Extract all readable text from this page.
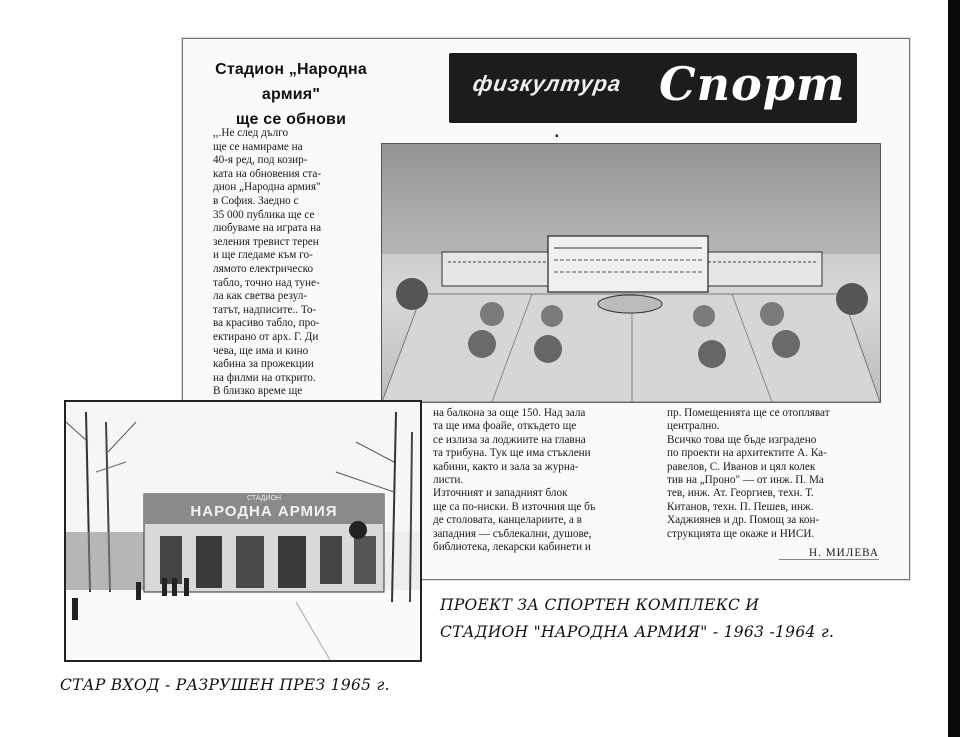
Стадион „Народна армия"
ще се обнови
,,.Не след дълго
ще се намираме на
40-я ред, под козир-
ката на обновения ста-
дион „Народна армия"
в София. Заедно с
35 000 публика ще се
любуваме на играта на
зеления тревист терен
и ще гледаме към го-
лямото електрическо
табло, точно над туне-
ла как светва резул-
татът, надписите.. То-
ва красиво табло, про-
ектирано от арх. Г. Ди
чева, ще има и кино
кабина за прожекции
на филми на открито.
В близко време ще
физкултура Спорт
▪
на балкона за още 150. Над зала
та ще има фоайе, откъдето ще
се излиза за лоджиите на главна
та трибуна. Тук ще има стъклени
кабини, както и зала за журна-
листи.
Източният и западният блок
ще са по-ниски. В източния ще бъ
де столовата, канцелариите, а в
западния — съблекални, душове,
библиотека, лекарски кабинети и
пр. Помещенията ще се отопляват
централно.
Всичко това ще бъде изградено
по проекти на архитектите А. Ка-
равелов, С. Иванов и цял колек
тив на „Проно" — от инж. П. Ма
тев, инж. Ат. Георгиев, техн. Т.
Китанов, техн. П. Пешев, инж.
Хаджиянев и др. Помощ за кон-
струкцията ще окаже и НИСИ.
Н. МИЛЕВА
СТАДИОН
НАРОДНА АРМИЯ
ПРОЕКТ ЗА СПОРТЕН КОМПЛЕКС И
СТАДИОН "НАРОДНА АРМИЯ" - 1963 -1964 г.
СТАР ВХОД - РАЗРУШЕН ПРЕЗ 1965 г.
